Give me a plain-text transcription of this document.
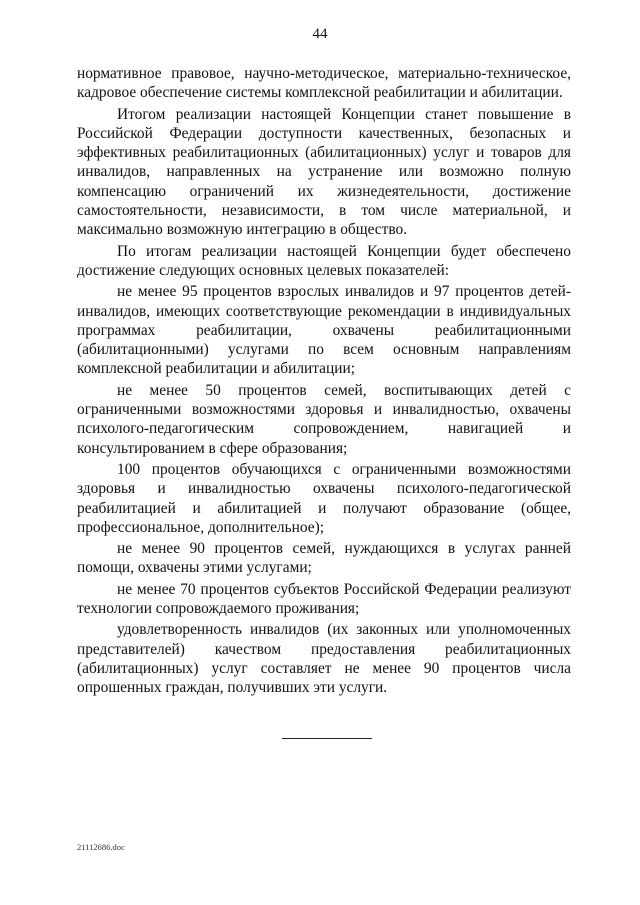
44

нормативное правовое, научно-методическое, материально-техническое, кадровое обеспечение системы комплексной реабилитации и абилитации.

Итогом реализации настоящей Концепции станет повышение в Российской Федерации доступности качественных, безопасных и эффективных реабилитационных (абилитационных) услуг и товаров для инвалидов, направленных на устранение или возможно полную компенсацию ограничений их жизнедеятельности, достижение самостоятельности, независимости, в том числе материальной, и максимально возможную интеграцию в общество.

По итогам реализации настоящей Концепции будет обеспечено достижение следующих основных целевых показателей:

не менее 95 процентов взрослых инвалидов и 97 процентов детей-инвалидов, имеющих соответствующие рекомендации в индивидуальных программах реабилитации, охвачены реабилитационными (абилитационными) услугами по всем основным направлениям комплексной реабилитации и абилитации;

не менее 50 процентов семей, воспитывающих детей с ограниченными возможностями здоровья и инвалидностью, охвачены психолого-педагогическим сопровождением, навигацией и консультированием в сфере образования;

100 процентов обучающихся с ограниченными возможностями здоровья и инвалидностью охвачены психолого-педагогической реабилитацией и абилитацией и получают образование (общее, профессиональное, дополнительное);

не менее 90 процентов семей, нуждающихся в услугах ранней помощи, охвачены этими услугами;

не менее 70 процентов субъектов Российской Федерации реализуют технологии сопровождаемого проживания;

удовлетворенность инвалидов (их законных или уполномоченных представителей) качеством предоставления реабилитационных (абилитационных) услуг составляет не менее 90 процентов числа опрошенных граждан, получивших эти услуги.

21112686.doc
